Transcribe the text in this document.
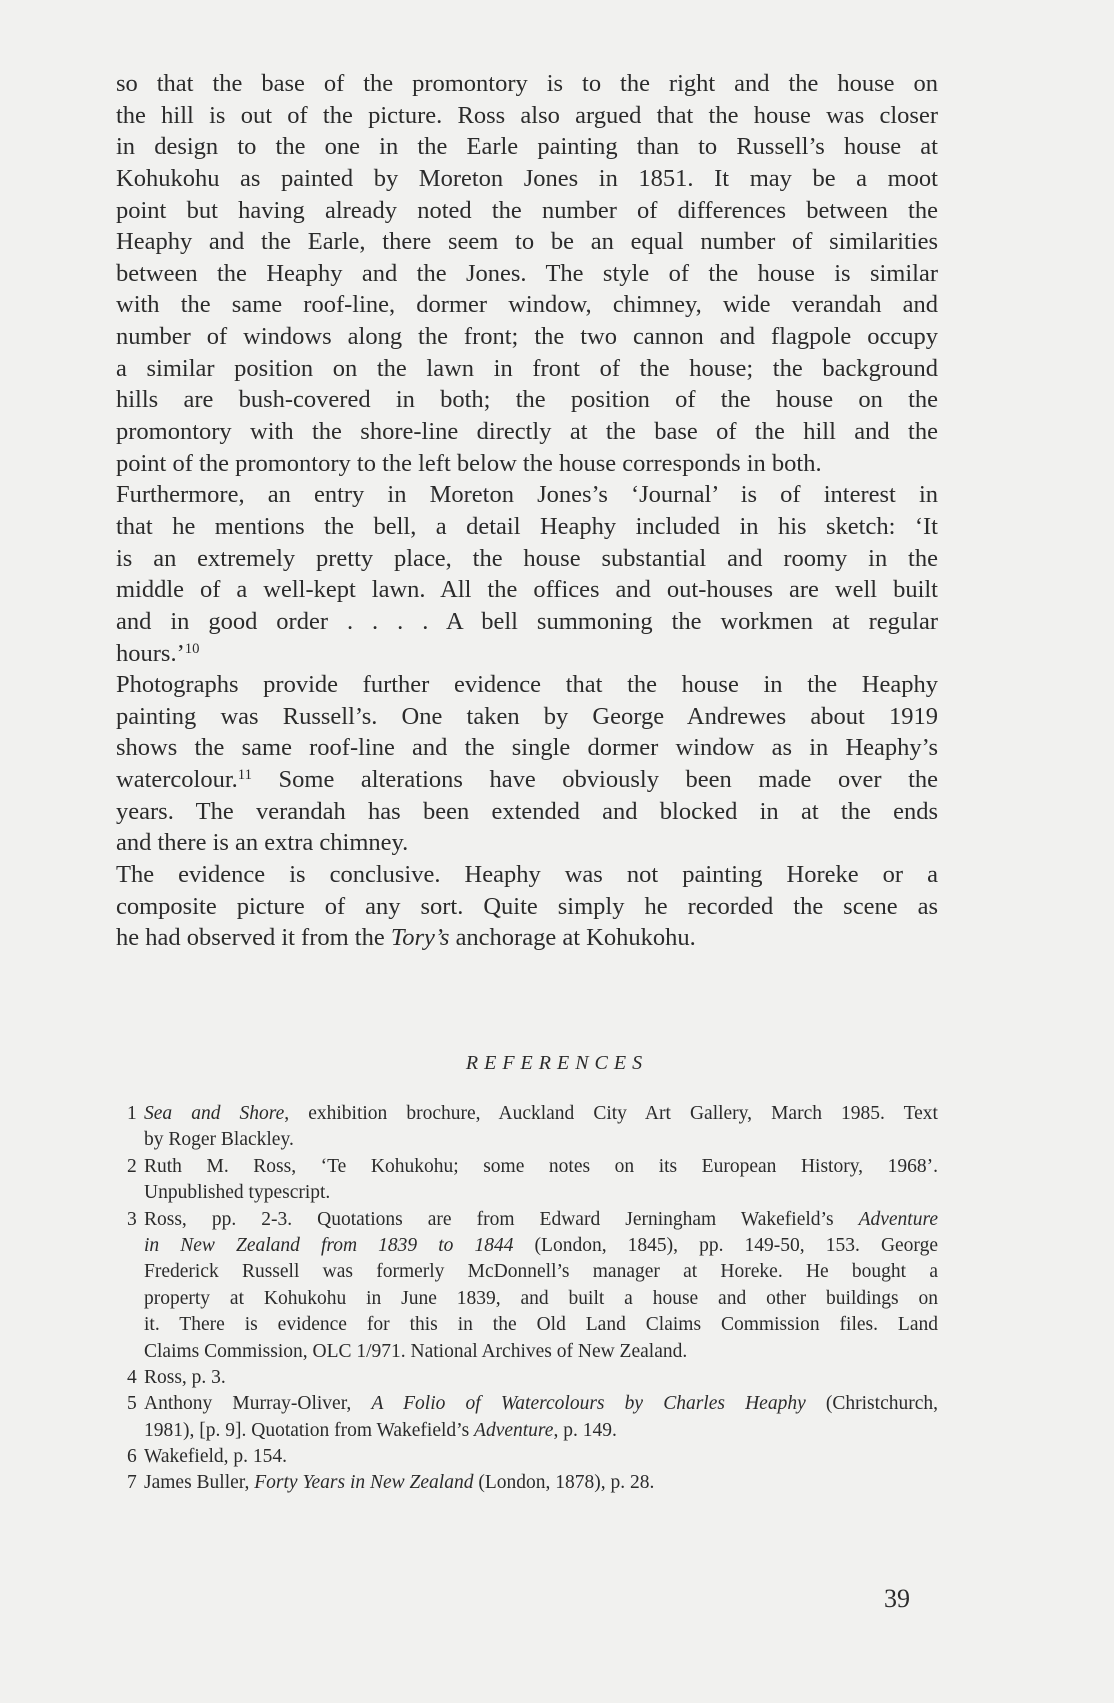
so that the base of the promontory is to the right and the house on
the hill is out of the picture. Ross also argued that the house was closer
in design to the one in the Earle painting than to Russell’s house at
Kohukohu as painted by Moreton Jones in 1851. It may be a moot
point but having already noted the number of differences between the
Heaphy and the Earle, there seem to be an equal number of similarities
between the Heaphy and the Jones. The style of the house is similar
with the same roof-line, dormer window, chimney, wide verandah and
number of windows along the front; the two cannon and flagpole occupy
a similar position on the lawn in front of the house; the background
hills are bush-covered in both; the position of the house on the
promontory with the shore-line directly at the base of the hill and the
point of the promontory to the left below the house corresponds in both.
Furthermore, an entry in Moreton Jones’s ‘Journal’ is of interest in
that he mentions the bell, a detail Heaphy included in his sketch: ‘It
is an extremely pretty place, the house substantial and roomy in the
middle of a well-kept lawn. All the offices and out-houses are well built
and in good order . . . . A bell summoning the workmen at regular
hours.’$^{10}$
Photographs provide further evidence that the house in the Heaphy
painting was Russell’s. One taken by George Andrewes about 1919
shows the same roof-line and the single dormer window as in Heaphy’s
watercolour.$^{11}$ Some alterations have obviously been made over the
years. The verandah has been extended and blocked in at the ends
and there is an extra chimney.
The evidence is conclusive. Heaphy was not painting Horeke or a
composite picture of any sort. Quite simply he recorded the scene as
he had observed it from the Tory’s anchorage at Kohukohu.
REFERENCES
1 Sea and Shore, exhibition brochure, Auckland City Art Gallery, March 1985. Text
by Roger Blackley.
2 Ruth M. Ross, ‘Te Kohukohu; some notes on its European History, 1968’.
Unpublished typescript.
3 Ross, pp. 2-3. Quotations are from Edward Jerningham Wakefield’s Adventure
in New Zealand from 1839 to 1844 (London, 1845), pp. 149-50, 153. George
Frederick Russell was formerly McDonnell’s manager at Horeke. He bought a
property at Kohukohu in June 1839, and built a house and other buildings on
it. There is evidence for this in the Old Land Claims Commission files. Land
Claims Commission, OLC 1/971. National Archives of New Zealand.
4 Ross, p. 3.
5 Anthony Murray-Oliver, A Folio of Watercolours by Charles Heaphy (Christchurch,
1981), [p. 9]. Quotation from Wakefield’s Adventure, p. 149.
6 Wakefield, p. 154.
7 James Buller, Forty Years in New Zealand (London, 1878), p. 28.
39
